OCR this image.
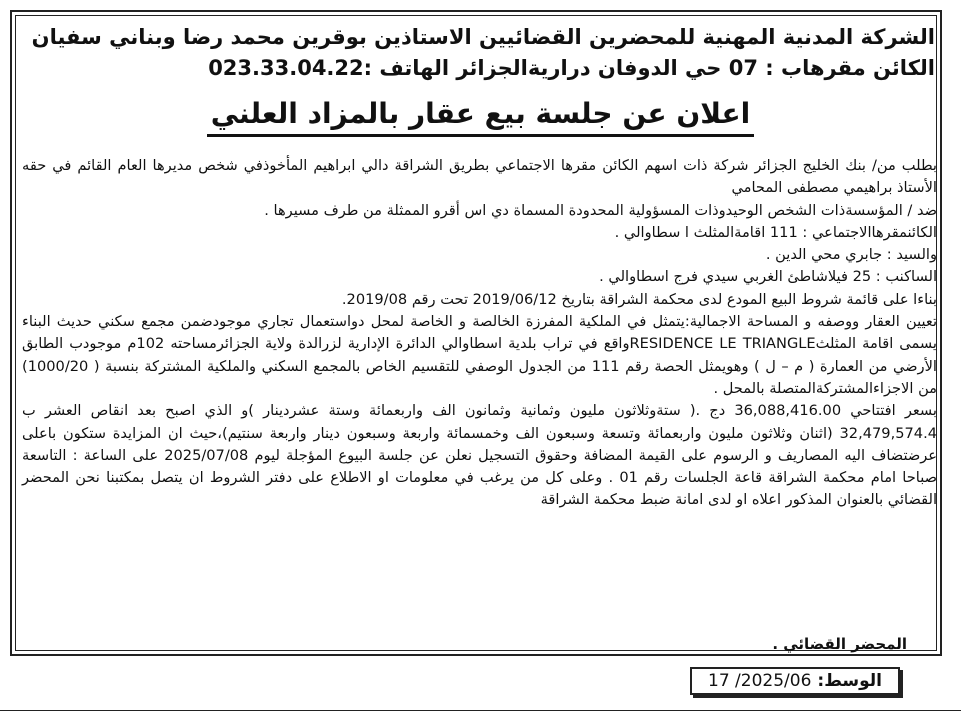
الشركة المدنية المهنية للمحضرين القضائيين الاستاذين بوقرين محمد رضا وبناني سفيان
الكائن مقرهاب : 07 حي الدوفان دراريةالجزائر الهاتف :023.33.04.22
اعلان عن جلسة بيع عقار بالمزاد العلني

بطلب من/ بنك الخليج الجزائر شركة ذات اسهم الكائن مقرها الاجتماعي بطريق الشراقة دالي ابراهيم المأخوذفي شخص مديرها العام القائم في حقه الأستاذ براهيمي مصطفى المحامي

ضد / المؤسسةذات الشخص الوحيدوذات المسؤولية المحدودة المسماة دي اس أقرو الممثلة من طرف مسيرها .

الكائنمقرهاالاجتماعي : 111 اقامةالمثلث ا سطاوالي .

والسيد : جابري محي الدين .

الساكنب : 25 فيلاشاطئ الغربي سيدي فرج اسطاوالي .

بناءا على قائمة شروط البيع المودع لدى محكمة الشراقة بتاريخ 2019/06/12 تحت رقم 2019/08.

تعيين العقار ووصفه و المساحة الاجمالية:يتمثل في الملكية المفرزة الخالصة و الخاصة لمحل دواستعمال تجاري موجودضمن مجمع سكني حديث البناء يسمى اقامة المثلثRESIDENCE LE TRIANGLEواقع في تراب بلدية اسطاوالي الدائرة الإدارية لزرالدة ولاية الجزائرمساحته 102م موجودب الطابق الأرضي من العمارة ( م – ل ) وهويمثل الحصة رقم 111 من الجدول الوصفي للتقسيم الخاص بالمجمع السكني والملكية المشتركة بنسبة ( 1000/20) من الاجزاءالمشتركةالمتصلة بالمحل .

بسعر افتتاحي 36,088,416.00 دج .( ستةوثلاثون مليون وثمانية وثمانون الف واربعمائة وستة عشردينار )و الذي اصبح بعد انقاص العشر ب 32,479,574.4 (اثنان وثلاثون مليون واربعمائة وتسعة وسبعون الف وخمسمائة واربعة وسبعون دينار واربعة سنتيم)،حيث ان المزايدة ستكون باعلى عرضتضاف اليه المصاريف و الرسوم على القيمة المضافة وحقوق التسجيل نعلن عن جلسة البيوع المؤجلة ليوم 2025/07/08 على الساعة : التاسعة صباحا امام محكمة الشراقة قاعة الجلسات رقم 01 . وعلى كل من يرغب في معلومات او الاطلاع على دفتر الشروط ان يتصل بمكتبنا نحن المحضر القضائي بالعنوان المذكور اعلاه او لدى امانة ضبط محكمة الشراقة

المحضر القضائي .
الوسط:
2025/06/ 17
